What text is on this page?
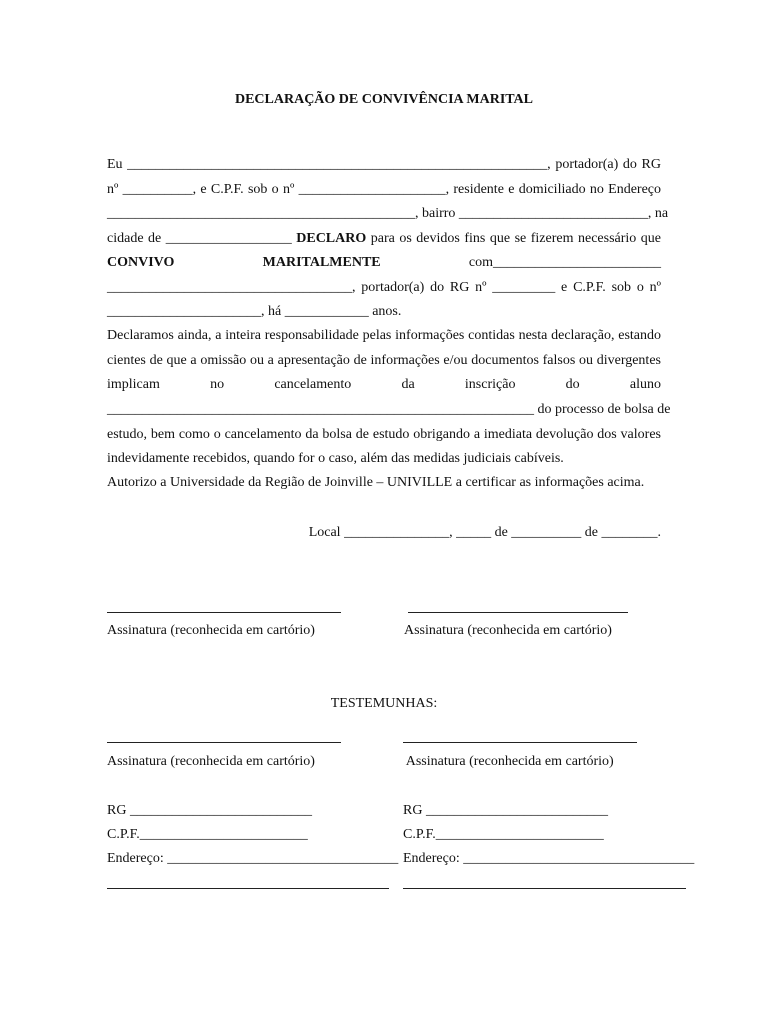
DECLARAÇÃO DE CONVIVÊNCIA MARITAL
Eu ____________________________________________________________, portador(a) do RG
nº __________, e C.P.F. sob o nº _____________________, residente e domiciliado no Endereço
____________________________________________, bairro ___________________________, na
cidade de __________________ DECLARO para os devidos fins que se fizerem necessário que
CONVIVO	MARITALMENTE	com________________________
___________________________________, portador(a) do RG nº _________ e C.P.F. sob o nº
______________________, há ____________ anos.
Declaramos ainda, a inteira responsabilidade pelas informações contidas nesta declaração, estando
cientes de que a omissão ou a apresentação de informações e/ou documentos falsos ou divergentes
implicam no cancelamento da inscrição do aluno
_____________________________________________________________ do processo de bolsa de
estudo, bem como o cancelamento da bolsa de estudo obrigando a imediata devolução dos valores
indevidamente recebidos, quando for o caso, além das medidas judiciais cabíveis.
Autorizo a Universidade da Região de Joinville – UNIVILLE a certificar as informações acima.
Local _______________, _____ de __________ de ________.
Assinatura (reconhecida em cartório)	Assinatura (reconhecida em cartório)
TESTEMUNHAS:
Assinatura (reconhecida em cartório)	Assinatura (reconhecida em cartório)
RG __________________________	RG __________________________
C.P.F.________________________	C.P.F.________________________
Endereço: _________________________________ Endereço: _________________________________
